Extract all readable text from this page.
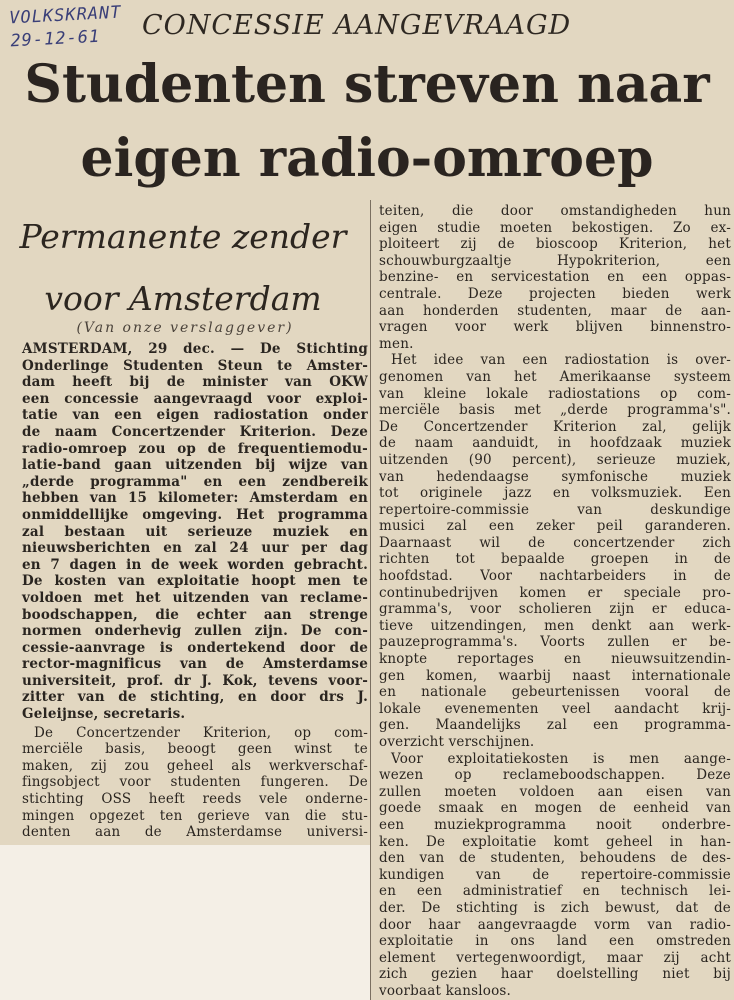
VOLKSKRANT
29-12-61	CONCESSIE AANGEVRAAGD
Studenten streven naar
eigen radio-omroep
Permanente zender
voor Amsterdam
(Van onze verslaggever)
AMSTERDAM, 29 dec. — De Stichting
Onderlinge Studenten Steun te Amster-
dam heeft bij de minister van OKW
een concessie aangevraagd voor exploi-
tatie van een eigen radiostation onder
de naam Concertzender Kriterion. Deze
radio-omroep zou op de frequentiemodu-
latie-band gaan uitzenden bij wijze van
„derde programma" en een zendbereik
hebben van 15 kilometer: Amsterdam en
onmiddellijke omgeving. Het programma
zal bestaan uit serieuze muziek en
nieuwsberichten en zal 24 uur per dag
en 7 dagen in de week worden gebracht.
De kosten van exploitatie hoopt men te
voldoen met het uitzenden van reclame-
boodschappen, die echter aan strenge
normen onderhevig zullen zijn. De con-
cessie-aanvrage is ondertekend door de
rector-magnificus van de Amsterdamse
universiteit, prof. dr J. Kok, tevens voor-
zitter van de stichting, en door drs J.
Geleijnse, secretaris.
De Concertzender Kriterion, op com-
merciële basis, beoogt geen winst te
maken, zij zou geheel als werkverschaf-
fingsobject voor studenten fungeren. De
stichting OSS heeft reeds vele onderne-
mingen opgezet ten gerieve van die stu-
denten aan de Amsterdamse universi-
teiten, die door omstandigheden hun
eigen studie moeten bekostigen. Zo ex-
ploiteert zij de bioscoop Kriterion, het
schouwburgzaaltje Hypokriterion, een
benzine- en servicestation en een oppas-
centrale. Deze projecten bieden werk
aan honderden studenten, maar de aan-
vragen voor werk blijven binnenstro-
men.
Het idee van een radiostation is over-
genomen van het Amerikaanse systeem
van kleine lokale radiostations op com-
merciële basis met „derde programma's".
De Concertzender Kriterion zal, gelijk
de naam aanduidt, in hoofdzaak muziek
uitzenden (90 percent), serieuze muziek,
van hedendaagse symfonische muziek
tot originele jazz en volksmuziek. Een
repertoire-commissie van deskundige
musici zal een zeker peil garanderen.
Daarnaast wil de concertzender zich
richten tot bepaalde groepen in de
hoofdstad. Voor nachtarbeiders in de
continubedrijven komen er speciale pro-
gramma's, voor scholieren zijn er educa-
tieve uitzendingen, men denkt aan werk-
pauzeprogramma's. Voorts zullen er be-
knopte reportages en nieuwsuitzendin-
gen komen, waarbij naast internationale
en nationale gebeurtenissen vooral de
lokale evenementen veel aandacht krij-
gen. Maandelijks zal een programma-
overzicht verschijnen.
Voor exploitatiekosten is men aange-
wezen op reclameboodschappen. Deze
zullen moeten voldoen aan eisen van
goede smaak en mogen de eenheid van
een muziekprogramma nooit onderbre-
ken. De exploitatie komt geheel in han-
den van de studenten, behoudens de des-
kundigen van de repertoire-commissie
en een administratief en technisch lei-
der. De stichting is zich bewust, dat de
door haar aangevraagde vorm van radio-
exploitatie in ons land een omstreden
element vertegenwoordigt, maar zij acht
zich gezien haar doelstelling niet bij
voorbaat kansloos.
